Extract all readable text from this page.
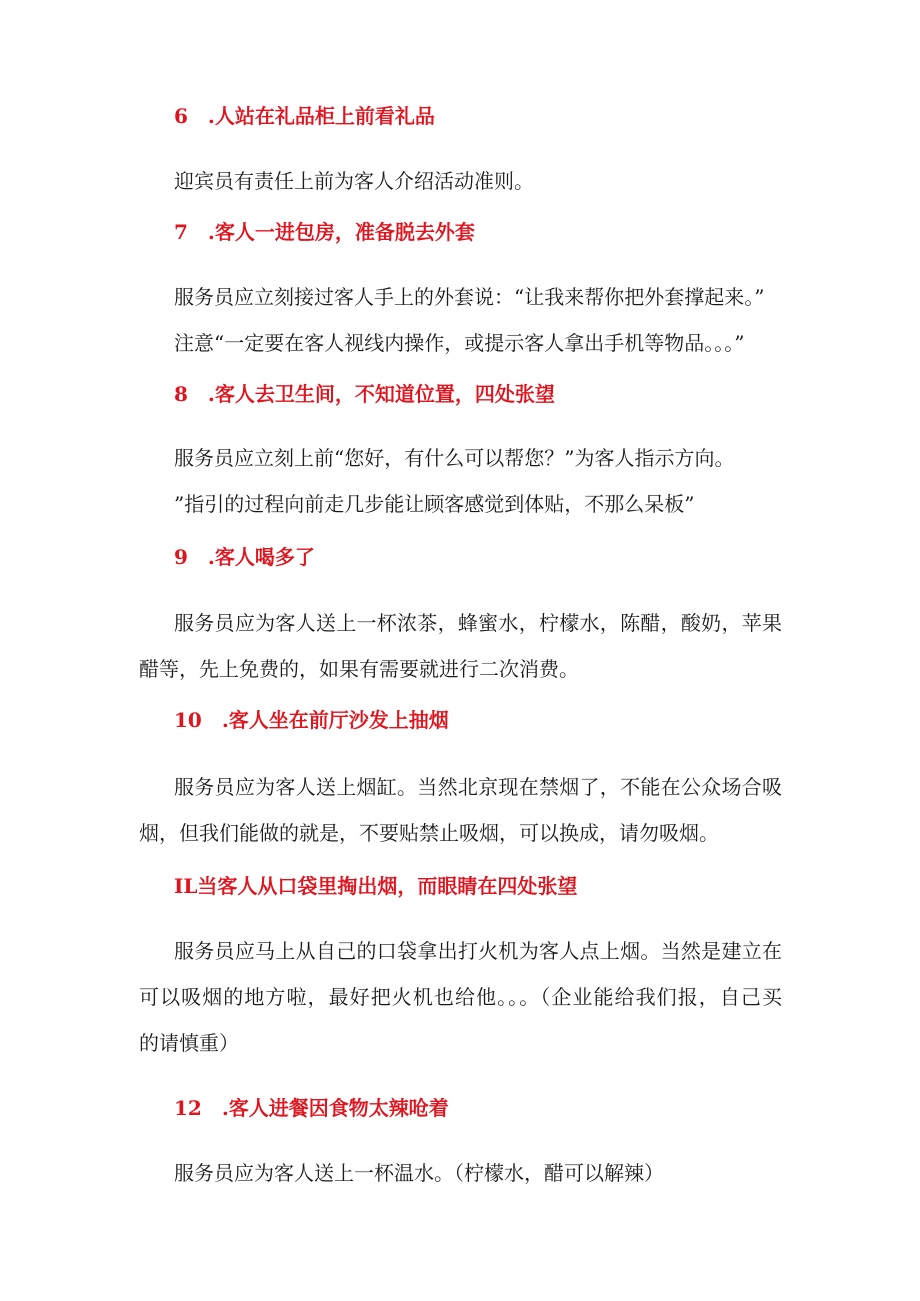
6　.人站在礼品柜上前看礼品
迎宾员有责任上前为客人介绍活动准则。
7　.客人一进包房，准备脱去外套
服务员应立刻接过客人手上的外套说：“让我来帮你把外套撑起来。”
注意“一定要在客人视线内操作，或提示客人拿出手机等物品。。。”
8　.客人去卫生间，不知道位置，四处张望
服务员应立刻上前“您好，有什么可以帮您？”为客人指示方向。
”指引的过程向前走几步能让顾客感觉到体贴，不那么呆板”
9　.客人喝多了
服务员应为客人送上一杯浓茶，蜂蜜水，柠檬水，陈醋，酸奶，苹果
醋等，先上免费的，如果有需要就进行二次消费。
10　.客人坐在前厅沙发上抽烟
服务员应为客人送上烟缸。当然北京现在禁烟了，不能在公众场合吸
烟，但我们能做的就是，不要贴禁止吸烟，可以换成，请勿吸烟。
IL当客人从口袋里掏出烟，而眼睛在四处张望
服务员应马上从自己的口袋拿出打火机为客人点上烟。当然是建立在
可以吸烟的地方啦，最好把火机也给他。。。（企业能给我们报，自己买
的请慎重）
12　.客人进餐因食物太辣呛着
服务员应为客人送上一杯温水。（柠檬水，醋可以解辣）
